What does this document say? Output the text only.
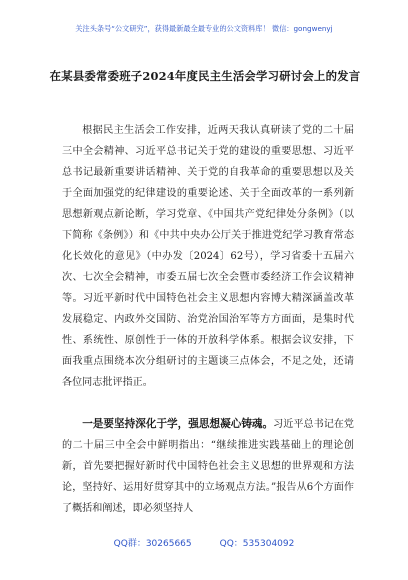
关注头条号“公文研究”，获得最新最全最专业的公文资料库！ 微信：gongwenyj
在某县委常委班子2024年度民主生活会学习研讨会上的发言

根据民主生活会工作安排，近两天我认真研读了党的二十届三中全会精神、习近平总书记关于党的建设的重要思想、习近平总书记最新重要讲话精神、关于党的自我革命的重要思想以及关于全面加强党的纪律建设的重要论述、关于全面改革的一系列新思想新观点新论断，学习党章、《中国共产党纪律处分条例》（以下简称《条例》）和《中共中央办公厅关于推进党纪学习教育常态化长效化的意见》（中办发〔2024〕62号），学习省委十五届六次、七次全会精神，市委五届七次全会暨市委经济工作会议精神等。习近平新时代中国特色社会主义思想内容博大精深涵盖改革发展稳定、内政外交国防、治党治国治军等方方面面，是集时代性、系统性、原创性于一体的开放科学体系。根据会议安排，下面我重点围绕本次分组研讨的主题谈三点体会，不足之处，还请各位同志批评指正。

一是要坚持深化于学，强思想凝心铸魂。习近平总书记在党的二十届三中全会中鲜明指出：“继续推进实践基础上的理论创新，首先要把握好新时代中国特色社会主义思想的世界观和方法论，坚持好、运用好贯穿其中的立场观点方法。”报告从6个方面作了概括和阐述，即必须坚持人

QQ群：30265665	QQ：535304092
